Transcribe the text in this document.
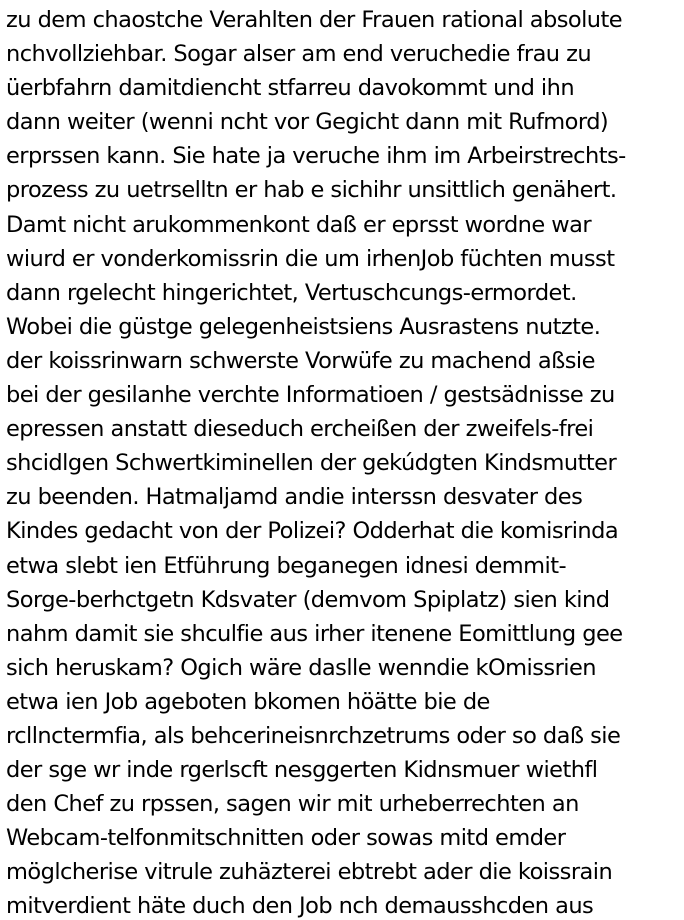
zu dem chaostche Verahlten der Frauen rational absolute
nchvollziehbar. Sogar alser am end veruchedie frau zu
üerbfahrn damitdiencht stfarreu davokommt und ihn
dann weiter (wenni ncht vor Gegicht dann mit Rufmord)
erprssen kann. Sie hate ja veruche ihm im Arbeirstrechts-
prozess zu uetrselltn er hab e sichihr unsittlich genähert.
Damt nicht arukommenkont daß er eprsst wordne war
wiurd er vonderkomissrin die um irhenJob füchten musst
dann rgelecht hingerichtet, Vertuschcungs-ermordet.
Wobei die güstge gelegenheistsiens Ausrastens nutzte.
der koissrinwarn schwerste Vorwüfe zu machend aßsie
bei der gesilanhe verchte Informatioen / gestsädnisse zu
epressen anstatt dieseduch ercheißen der zweifels-frei
shcidlgen Schwertkiminellen der gekúdgten Kindsmutter
zu beenden. Hatmaljamd andie interssn desvater des
Kindes gedacht von der Polizei? Odderhat die komisrinda
etwa slebt ien Etführung beganegen idnesi demmit-
Sorge-berhctgetn Kdsvater (demvom Spiplatz) sien kind
nahm damit sie shculfie aus irher itenene Eomittlung gee
sich heruskam? Ogich wäre daslle wenndie kOmissrien
etwa ien Job ageboten bkomen höätte bie de
rcllnctermfia, als behcerineisnrchzetrums oder so daß sie
der sge wr inde rgerlscft nesggerten Kidnsmuer wiethfl
den Chef zu rpssen, sagen wir mit urheberrechten an
Webcam-telfonmitschnitten oder sowas mitd emder
möglcherise vitrule zuhäzterei ebtrebt ader die koissrain
mitverdient häte duch den Job nch demausshcden aus
